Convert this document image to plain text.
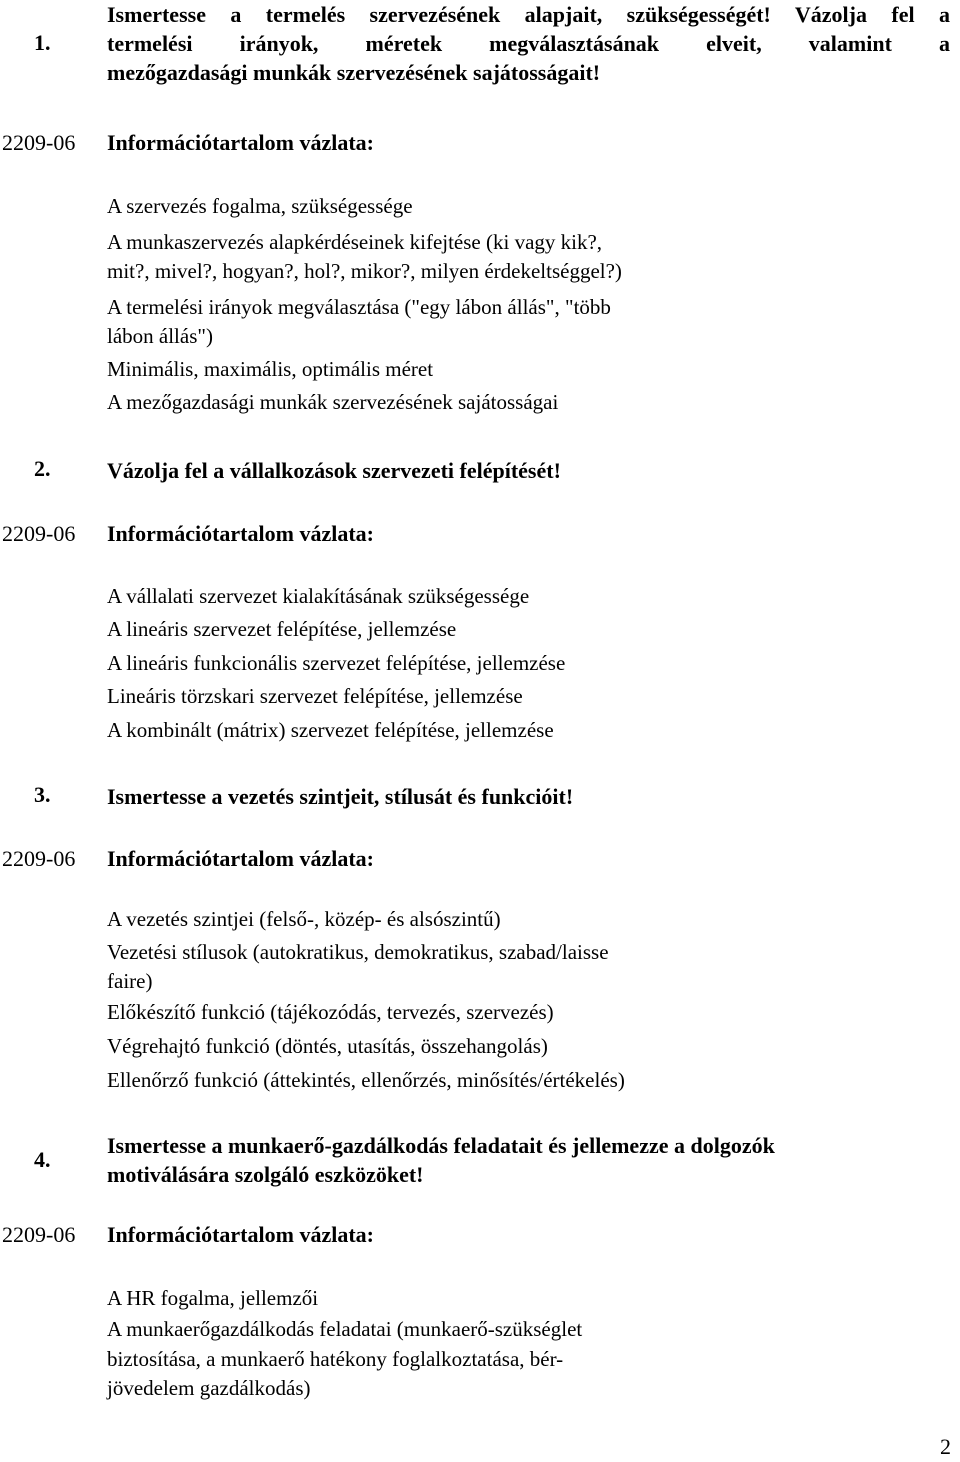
1.
Ismertesse a termelés szervezésének alapjait, szükségességét! Vázolja fel a
termelési irányok, méretek megválasztásának elveit, valamint a
mezőgazdasági munkák szervezésének sajátosságait!
2209-06 Információtartalom vázlata:
A szervezés fogalma, szükségessége
A munkaszervezés alapkérdéseinek kifejtése (ki vagy kik?,
mit?, mivel?, hogyan?, hol?, mikor?, milyen érdekeltséggel?)
A termelési irányok megválasztása ("egy lábon állás", "több
lábon állás")
Minimális, maximális, optimális méret
A mezőgazdasági munkák szervezésének sajátosságai
2.	Vázolja fel a vállalkozások szervezeti felépítését!
2209-06 Információtartalom vázlata:
A vállalati szervezet kialakításának szükségessége
A lineáris szervezet felépítése, jellemzése
A lineáris funkcionális szervezet felépítése, jellemzése
Lineáris törzskari szervezet felépítése, jellemzése
A kombinált (mátrix) szervezet felépítése, jellemzése
3.	Ismertesse a vezetés szintjeit, stílusát és funkcióit!
2209-06 Információtartalom vázlata:
A vezetés szintjei (felső-, közép- és alsószintű)
Vezetési stílusok (autokratikus, demokratikus, szabad/laisse
faire)
Előkészítő funkció (tájékozódás, tervezés, szervezés)
Végrehajtó funkció (döntés, utasítás, összehangolás)
Ellenőrző funkció (áttekintés, ellenőrzés, minősítés/értékelés)
4.
Ismertesse a munkaerő-gazdálkodás feladatait és jellemezze a dolgozók
motiválására szolgáló eszközöket!
2209-06 Információtartalom vázlata:
A HR fogalma, jellemzői
A munkaerőgazdálkodás feladatai (munkaerő-szükséglet
biztosítása, a munkaerő hatékony foglalkoztatása, bér-
jövedelem gazdálkodás)
2
